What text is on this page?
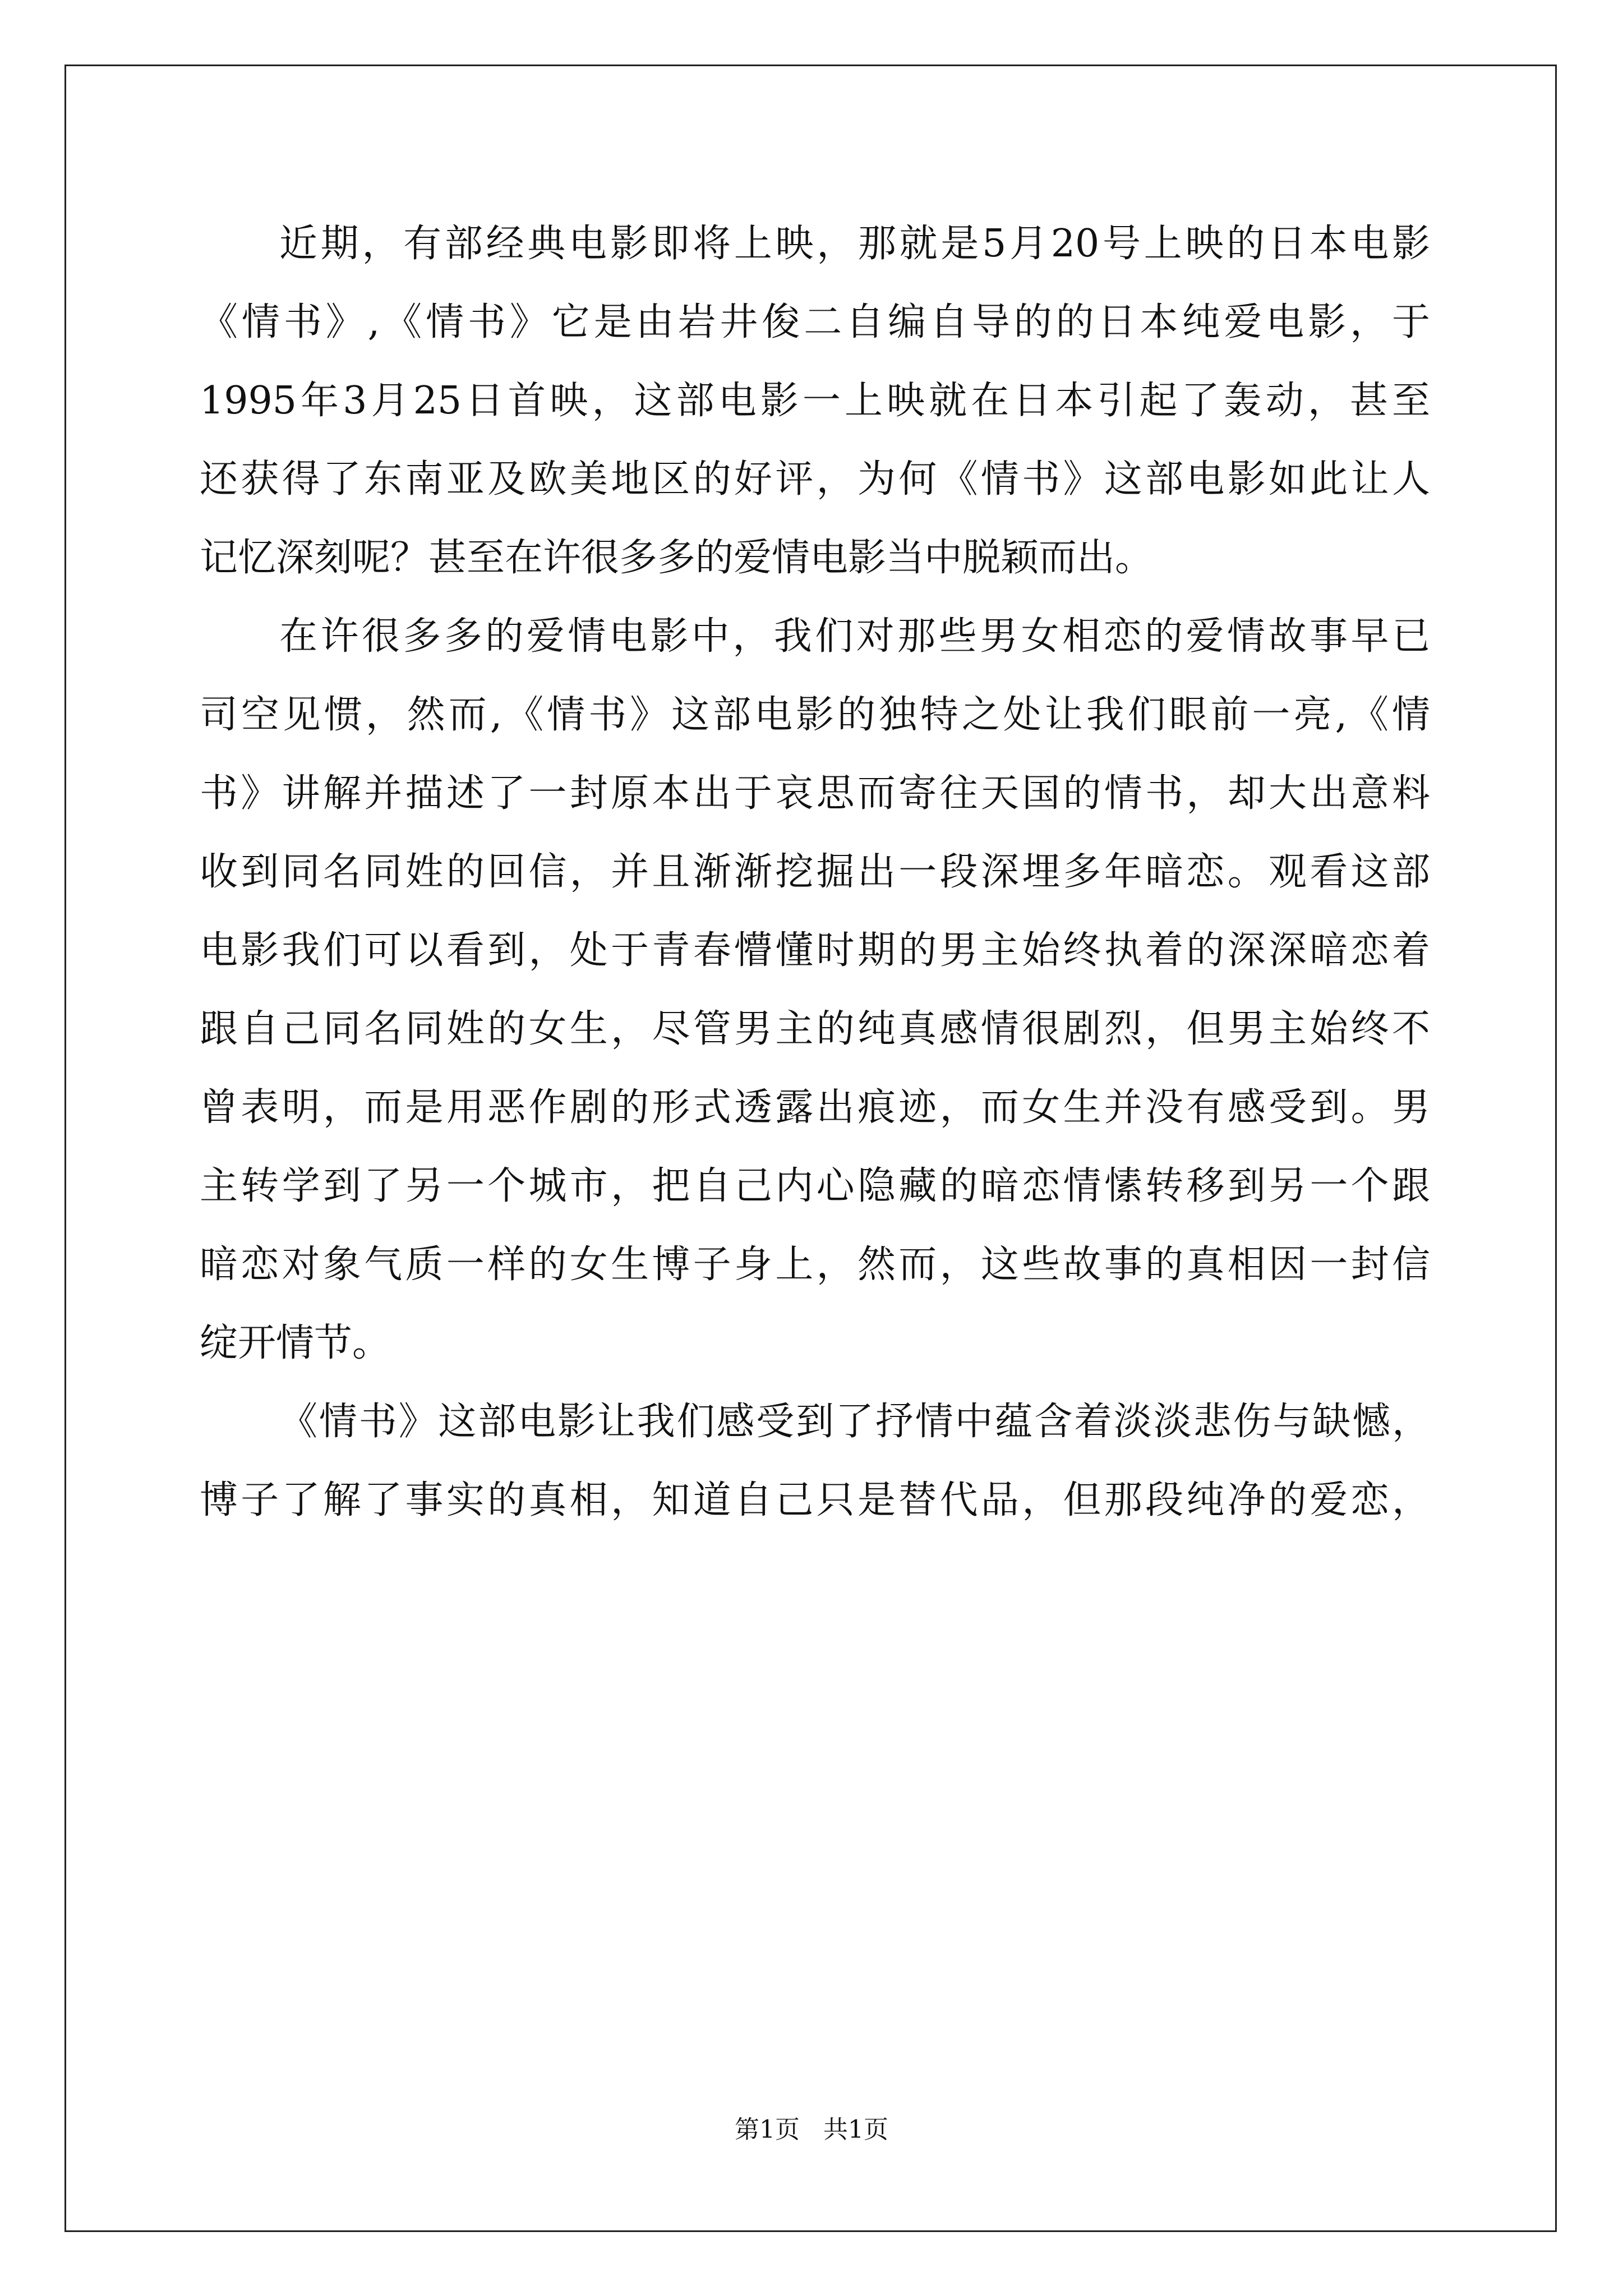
近期，有部经典电影即将上映，那就是5月20号上映的日本电影
《情书》,《情书》它是由岩井俊二自编自导的的日本纯爱电影，于
1995年3月25日首映，这部电影一上映就在日本引起了轰动，甚至
还获得了东南亚及欧美地区的好评，为何《情书》这部电影如此让人
记忆深刻呢？甚至在许很多多的爱情电影当中脱颖而出。
在许很多多的爱情电影中，我们对那些男女相恋的爱情故事早已
司空见惯，然而,《情书》这部电影的独特之处让我们眼前一亮,《情
书》讲解并描述了一封原本出于哀思而寄往天国的情书，却大出意料
收到同名同姓的回信，并且渐渐挖掘出一段深埋多年暗恋。观看这部
电影我们可以看到，处于青春懵懂时期的男主始终执着的深深暗恋着
跟自己同名同姓的女生，尽管男主的纯真感情很剧烈，但男主始终不
曾表明，而是用恶作剧的形式透露出痕迹，而女生并没有感受到。男
主转学到了另一个城市，把自己内心隐藏的暗恋情愫转移到另一个跟
暗恋对象气质一样的女生博子身上，然而，这些故事的真相因一封信
绽开情节。
《情书》这部电影让我们感受到了抒情中蕴含着淡淡悲伤与缺憾，
博子了解了事实的真相，知道自己只是替代品，但那段纯净的爱恋，
第1页   共1页
